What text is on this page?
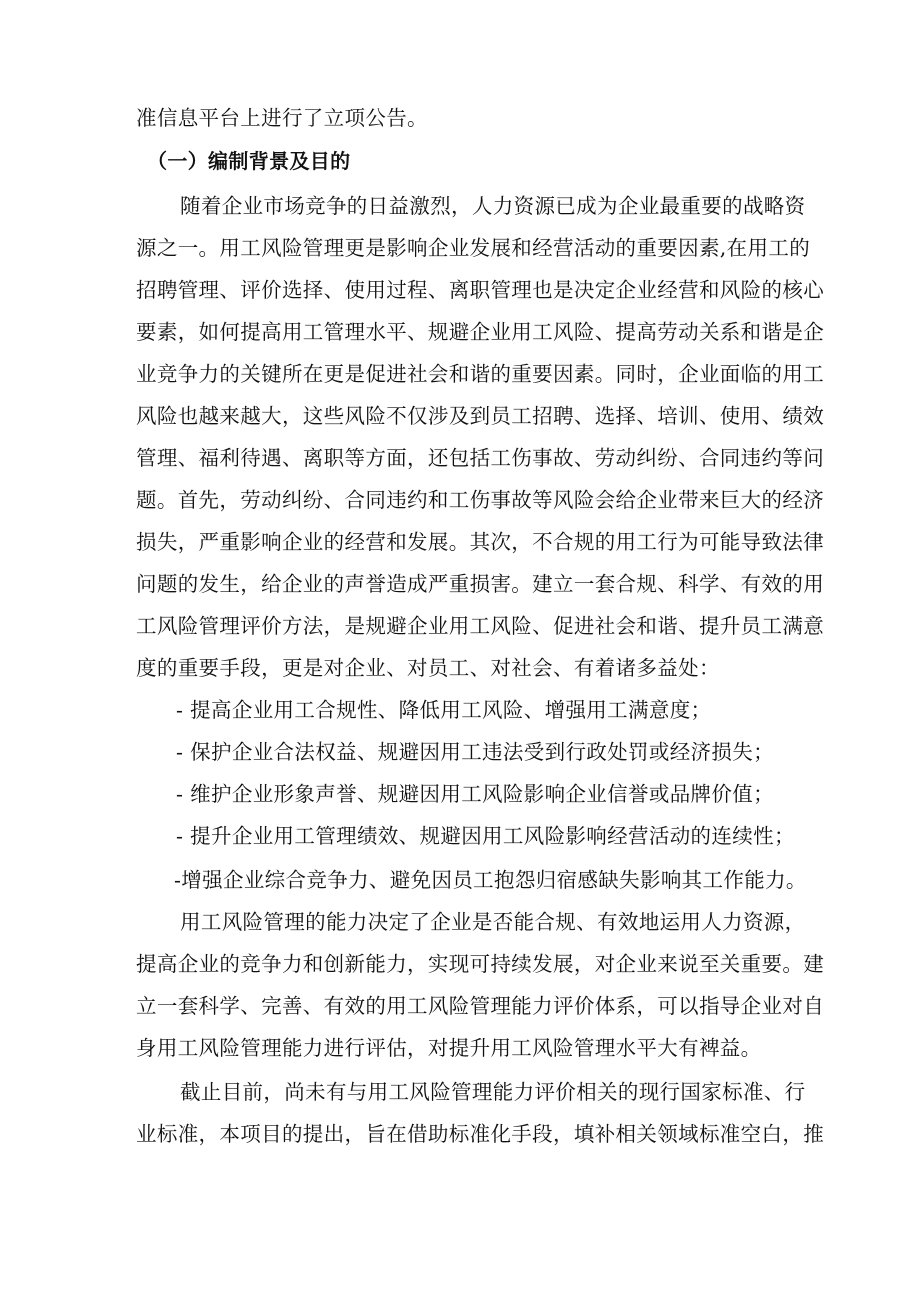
准信息平台上进行了立项公告。
（一）编制背景及目的
随着企业市场竞争的日益激烈，人力资源已成为企业最重要的战略资
源之一。用工风险管理更是影响企业发展和经营活动的重要因素,在用工的
招聘管理、评价选择、使用过程、离职管理也是决定企业经营和风险的核心
要素，如何提高用工管理水平、规避企业用工风险、提高劳动关系和谐是企
业竞争力的关键所在更是促进社会和谐的重要因素。同时，企业面临的用工
风险也越来越大，这些风险不仅涉及到员工招聘、选择、培训、使用、绩效
管理、福利待遇、离职等方面，还包括工伤事故、劳动纠纷、合同违约等问
题。首先，劳动纠纷、合同违约和工伤事故等风险会给企业带来巨大的经济
损失，严重影响企业的经营和发展。其次，不合规的用工行为可能导致法律
问题的发生，给企业的声誉造成严重损害。建立一套合规、科学、有效的用
工风险管理评价方法，是规避企业用工风险、促进社会和谐、提升员工满意
度的重要手段，更是对企业、对员工、对社会、有着诸多益处：
- 提高企业用工合规性、降低用工风险、增强用工满意度；
- 保护企业合法权益、规避因用工违法受到行政处罚或经济损失；
- 维护企业形象声誉、规避因用工风险影响企业信誉或品牌价值；
- 提升企业用工管理绩效、规避因用工风险影响经营活动的连续性；
-增强企业综合竞争力、避免因员工抱怨归宿感缺失影响其工作能力。
用工风险管理的能力决定了企业是否能合规、有效地运用人力资源，
提高企业的竞争力和创新能力，实现可持续发展，对企业来说至关重要。建
立一套科学、完善、有效的用工风险管理能力评价体系，可以指导企业对自
身用工风险管理能力进行评估，对提升用工风险管理水平大有裨益。
截止目前，尚未有与用工风险管理能力评价相关的现行国家标准、行
业标准，本项目的提出，旨在借助标准化手段，填补相关领域标准空白，推
